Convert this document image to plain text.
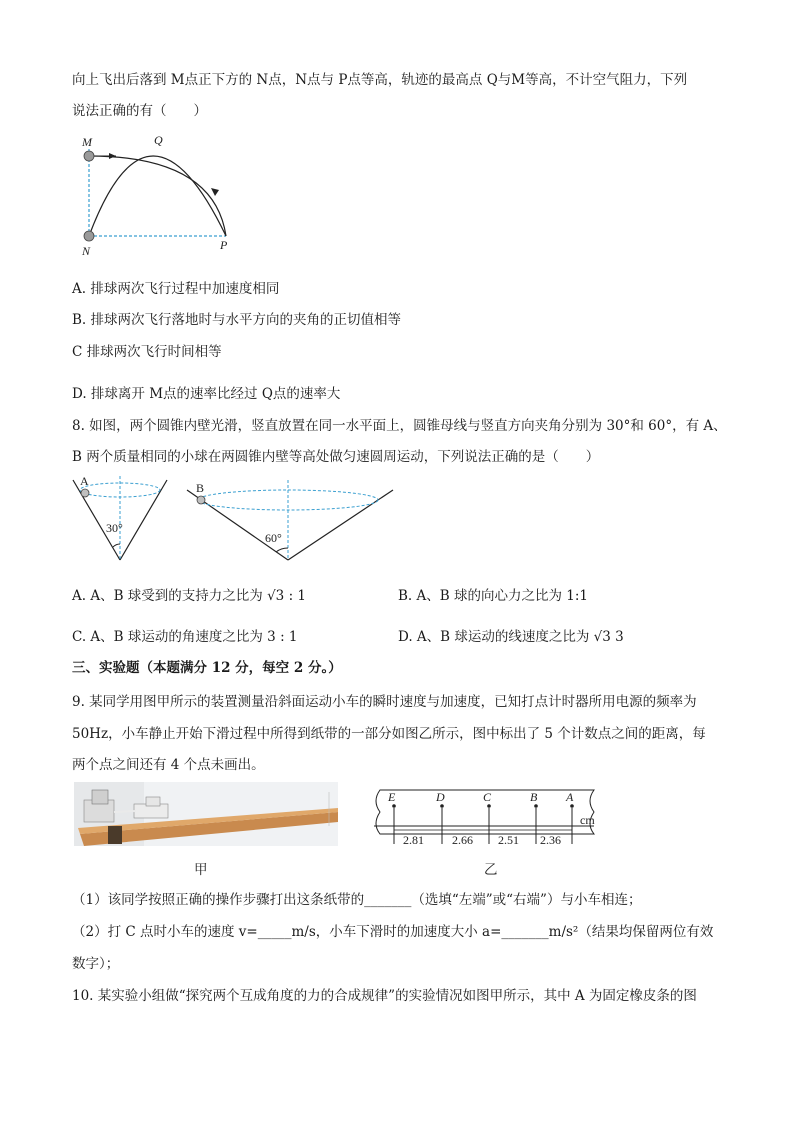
向上飞出后落到 M点正下方的 N点，N点与 P点等高，轨迹的最高点 Q与M等高，不计空气阻力，下列
说法正确的有（　　）
M	Q
N	P
A. 排球两次飞行过程中加速度相同
B. 排球两次飞行落地时与水平方向的夹角的正切值相等
C 排球两次飞行时间相等
D. 排球离开 M点的速率比经过 Q点的速率大
8. 如图，两个圆锥内壁光滑，竖直放置在同一水平面上，圆锥母线与竖直方向夹角分别为 30°和 60°，有 A、
B 两个质量相同的小球在两圆锥内壁等高处做匀速圆周运动，下列说法正确的是（　　）
A
30°
B
60°
A. A、B 球受到的支持力之比为 √3 : 1	B. A、B 球的向心力之比为 1:1
C. A、B 球运动的角速度之比为 3 : 1	D. A、B 球运动的线速度之比为 √3 3
三、实验题（本题满分 12 分，每空 2 分。）
9. 某同学用图甲所示的装置测量沿斜面运动小车的瞬时速度与加速度，已知打点计时器所用电源的频率为
50Hz，小车静止开始下滑过程中所得到纸带的一部分如图乙所示，图中标出了 5 个计数点之间的距离，每
两个点之间还有 4 个点未画出。
甲
E	D	C	B A
2.81 2.66 2.51 2.36
cm
乙
（1）该同学按照正确的操作步骤打出这条纸带的_______（选填“左端”或“右端”）与小车相连；
（2）打 C 点时小车的速度 v=_____m/s，小车下滑时的加速度大小 a=_______m/s²（结果均保留两位有效
数字）；
10. 某实验小组做“探究两个互成角度的力的合成规律”的实验情况如图甲所示，其中 A 为固定橡皮条的图
